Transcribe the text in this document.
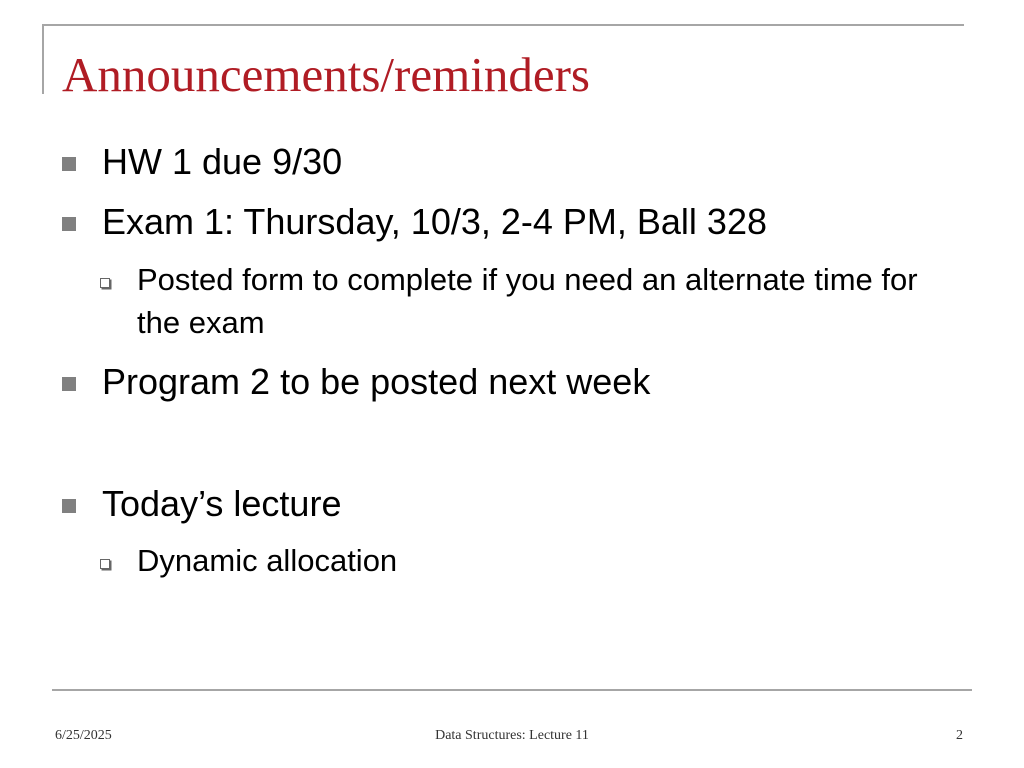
Announcements/reminders
HW 1 due 9/30
Exam 1: Thursday, 10/3, 2-4 PM, Ball 328
Posted form to complete if you need an alternate time for the exam
Program 2 to be posted next week
Today’s lecture
Dynamic allocation
6/25/2025	Data Structures: Lecture 11	2
